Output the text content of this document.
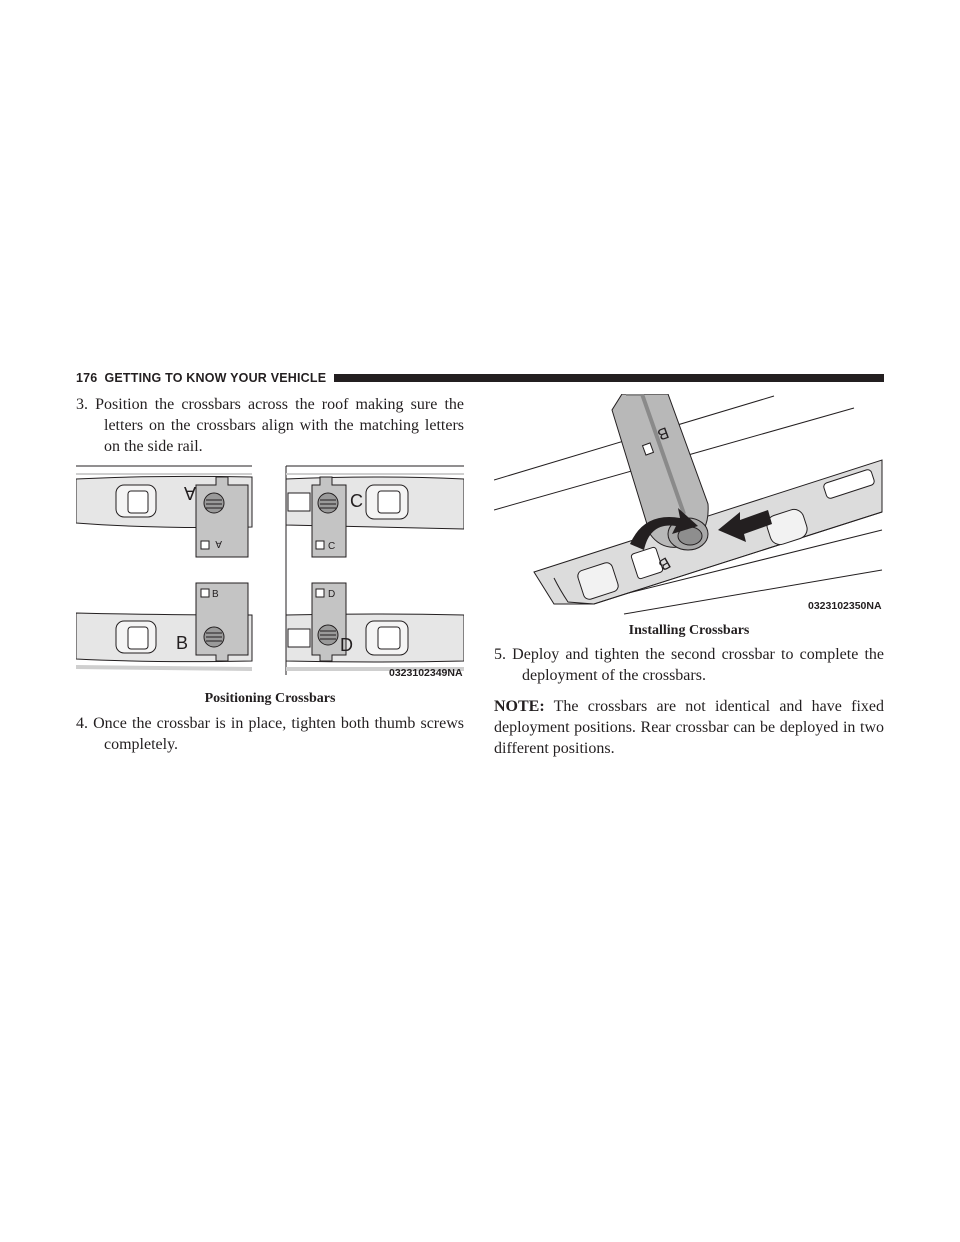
176 GETTING TO KNOW YOUR VEHICLE

3. Position the crossbars across the roof making sure the letters on the crossbars align with the matching letters on the side rail.

A
A
C
C
B
B
D
D
0323102349NA

Positioning Crossbars

4. Once the crossbar is in place, tighten both thumb screws completely.

B
B
0323102350NA

Installing Crossbars

5. Deploy and tighten the second crossbar to complete the deployment of the crossbars.

NOTE: The crossbars are not identical and have fixed deployment positions. Rear crossbar can be deployed in two different positions.
